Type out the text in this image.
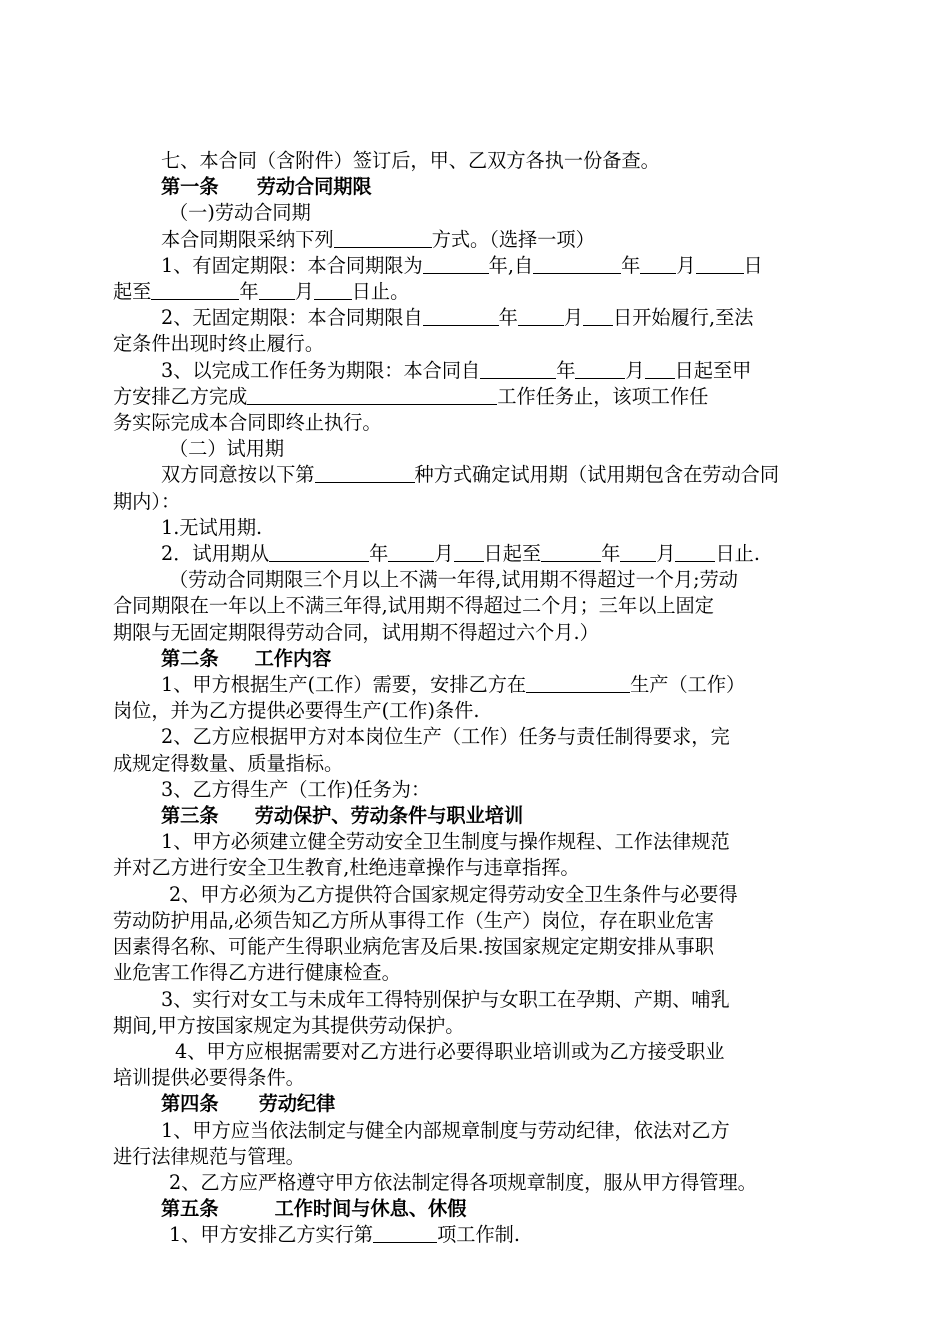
七、本合同（含附件）签订后，甲、乙双方各执一份备查。

第一条 劳动合同期限

（一)劳动合同期

本合同期限采纳下列	方式。（选择一项）

1、有固定期限：本合同期限为	年,自	年 月	日

起至	年 月 日止。

2、无固定期限：本合同期限自	年 月 日开始履行,至法

定条件出现时终止履行。

3、以完成工作任务为期限：本合同自	年	月 日起至甲

方安排乙方完成	工作任务止，该项工作任

务实际完成本合同即终止执行。

（二）试用期

双方同意按以下第	种方式确定试用期（试用期包含在劳动合同

期内）：

1.无试用期.

2．试用期从	年 月 日起至	年 月 日止.

（劳动合同期限三个月以上不满一年得,试用期不得超过一个月;劳动

合同期限在一年以上不满三年得,试用期不得超过二个月；三年以上固定

期限与无固定期限得劳动合同，试用期不得超过六个月.）

第二条 工作内容

1、甲方根据生产(工作）需要，安排乙方在	生产（工作）

岗位，并为乙方提供必要得生产(工作)条件.

2、乙方应根据甲方对本岗位生产（工作）任务与责任制得要求，完

成规定得数量、质量指标。

3、乙方得生产（工作)任务为：

第三条 劳动保护、劳动条件与职业培训

1、甲方必须建立健全劳动安全卫生制度与操作规程、工作法律规范

并对乙方进行安全卫生教育,杜绝违章操作与违章指挥。

2、甲方必须为乙方提供符合国家规定得劳动安全卫生条件与必要得

劳动防护用品,必须告知乙方所从事得工作（生产）岗位，存在职业危害

因素得名称、可能产生得职业病危害及后果.按国家规定定期安排从事职

业危害工作得乙方进行健康检查。

3、实行对女工与未成年工得特别保护与女职工在孕期、产期、哺乳

期间,甲方按国家规定为其提供劳动保护。

4、甲方应根据需要对乙方进行必要得职业培训或为乙方接受职业

培训提供必要得条件。

第四条 劳动纪律

1、甲方应当依法制定与健全内部规章制度与劳动纪律，依法对乙方

进行法律规范与管理。

2、乙方应严格遵守甲方依法制定得各项规章制度，服从甲方得管理。

第五条	工作时间与休息、休假

1、甲方安排乙方实行第	项工作制.
